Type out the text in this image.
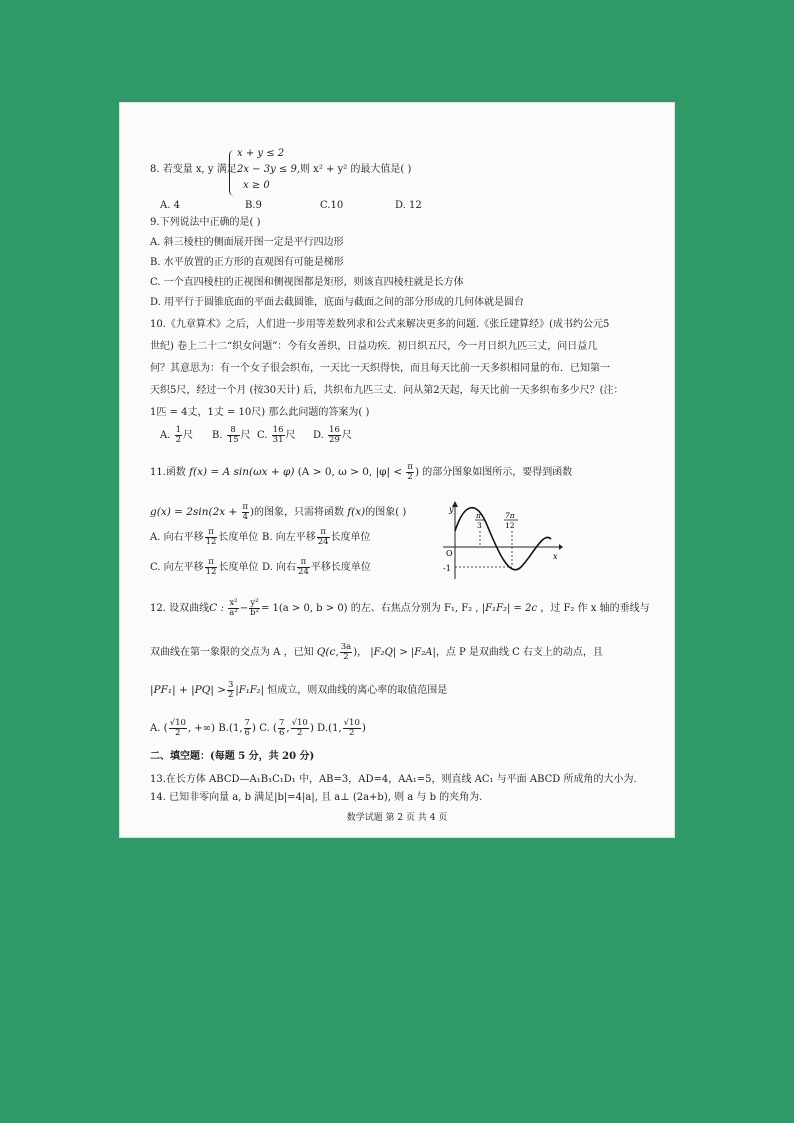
8. 若变量 x, y 满足
x + y ≤ 2
2x − 3y ≤ 9,
x ≥ 0
则 x² + y² 的最大值是( )
A. 4	B.9	C.10	D. 12
9.下列说法中正确的是( )
A. 斜三棱柱的侧面展开图一定是平行四边形
B. 水平放置的正方形的直观图有可能是梯形
C. 一个直四棱柱的正视图和侧视图都是矩形，则该直四棱柱就是长方体
D. 用平行于圆锥底面的平面去截圆锥，底面与截面之间的部分形成的几何体就是圆台
10.《九章算术》之后，人们进一步用等差数列求和公式来解决更多的问题.《张丘建算经》(成书约公元5
世纪) 卷上二十二“织女问题”：今有女善织，日益功疾．初日织五尺，今一月日织九匹三丈，问日益几
何？其意思为：有一个女子很会织布，一天比一天织得快，而且每天比前一天多织相同量的布．已知第一
天织5尺，经过一个月 (按30天计) 后，共织布九匹三丈．问从第2天起，每天比前一天多织布多少尺？(注：
1匹 = 4丈，1丈 = 10尺) 那么此问题的答案为( )
A. $\frac{1}{2}$ 尺 B. $\frac{8}{15}$ 尺 C. $\frac{16}{31}$ 尺 D. $\frac{16}{29}$ 尺
11.函数 f(x) = A sin(ωx + φ) (A > 0, ω > 0, $|\varphi| < \frac{\pi}{2}$ ) 的部分图象如图所示，要得到函数
$g(x) = 2\sin(2x + \frac{\pi}{4}$ )的图象，只需将函数 f(x)的图象( )
A. 向右平移 $\frac{\pi}{12}$ 长度单位 B. 向左平移 $\frac{\pi}{24}$ 长度单位
C. 向左平移 $\frac{\pi}{12}$ 长度单位 D. 向右 $\frac{\pi}{24}$ 平移长度单位
y
x
O
-1
π
3
7π
12
12. 设双曲线C : $\frac{\text{x²}}{\text{a²}} - \frac{\text{y²}}{\text{b²}} = 1(a > 0$, b > 0) 的左、右焦点分别为 F₁, F₂ , |F₁F₂| = 2c ，过 F₂ 作 x 轴的垂线与
双曲线在第一象限的交点为 A ，已知 Q(c, $\frac{3a}{2}$ )， |F₂Q| > |F₂A|，点 P 是双曲线 C 右支上的动点，且
$|PF_1| + |PQ| > \frac{3}{2} |F_1F_2|$ 恒成立，则双曲线的离心率的取值范围是
A. ( $\frac{√10}{2}$ , +∞) B.(1, $\frac{7}{6}$ ) C. ( $\frac{7}{6}$ , $\frac{√10}{2}$ ) D.(1, $\frac{√10}{2}$ )
二、填空题：(每题 5 分，共 20 分)
13.在长方体 ABCD—A₁B₁C₁D₁ 中，AB=3，AD=4，AA₁=5，则直线 AC₁ 与平面 ABCD 所成角的大小为.
14. 已知非零向量 a, b 满足|b|=4|a|, 且 a⊥ (2a+b), 则 a 与 b 的夹角为.
数学试题 第 2 页 共 4 页
